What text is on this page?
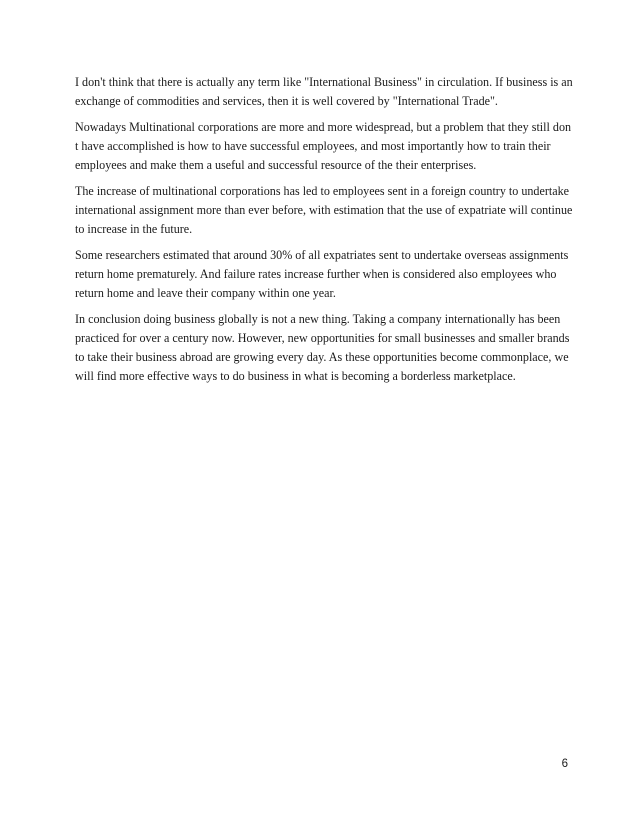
I don't think that there is actually any term like "International Business" in circulation. If business is an exchange of commodities and services, then it is well covered by "International Trade".

Nowadays Multinational corporations are more and more widespread, but a problem that they still don t have accomplished is how to have successful employees, and most importantly how to train their employees and make them a useful and successful resource of the their enterprises.

The increase of multinational corporations has led to employees sent in a foreign country to undertake international assignment more than ever before, with estimation that the use of expatriate will continue to increase in the future.

Some researchers estimated that around 30% of all expatriates sent to undertake overseas assignments return home prematurely. And failure rates increase further when is considered also employees who return home and leave their company within one year.

In conclusion doing business globally is not a new thing. Taking a company internationally has been practiced for over a century now. However, new opportunities for small businesses and smaller brands to take their business abroad are growing every day. As these opportunities become commonplace, we will find more effective ways to do business in what is becoming a borderless marketplace.

6
